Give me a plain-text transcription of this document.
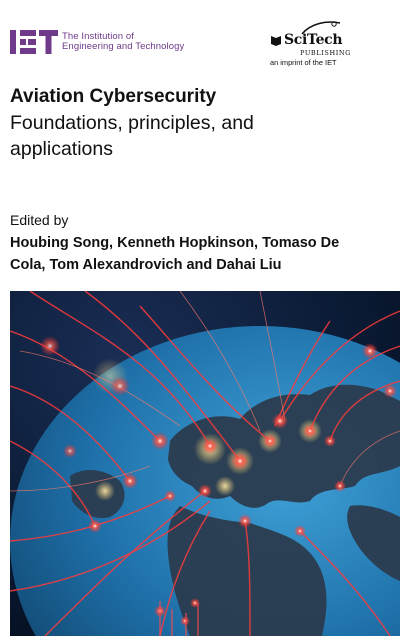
The Institution of
Engineering and Technology	SciTech
PUBLISHING
an imprint of the IET
Aviation Cybersecurity
Foundations, principles, and applications
Edited by
Houbing Song, Kenneth Hopkinson, Tomaso De Cola, Tom Alexandrovich and Dahai Liu
